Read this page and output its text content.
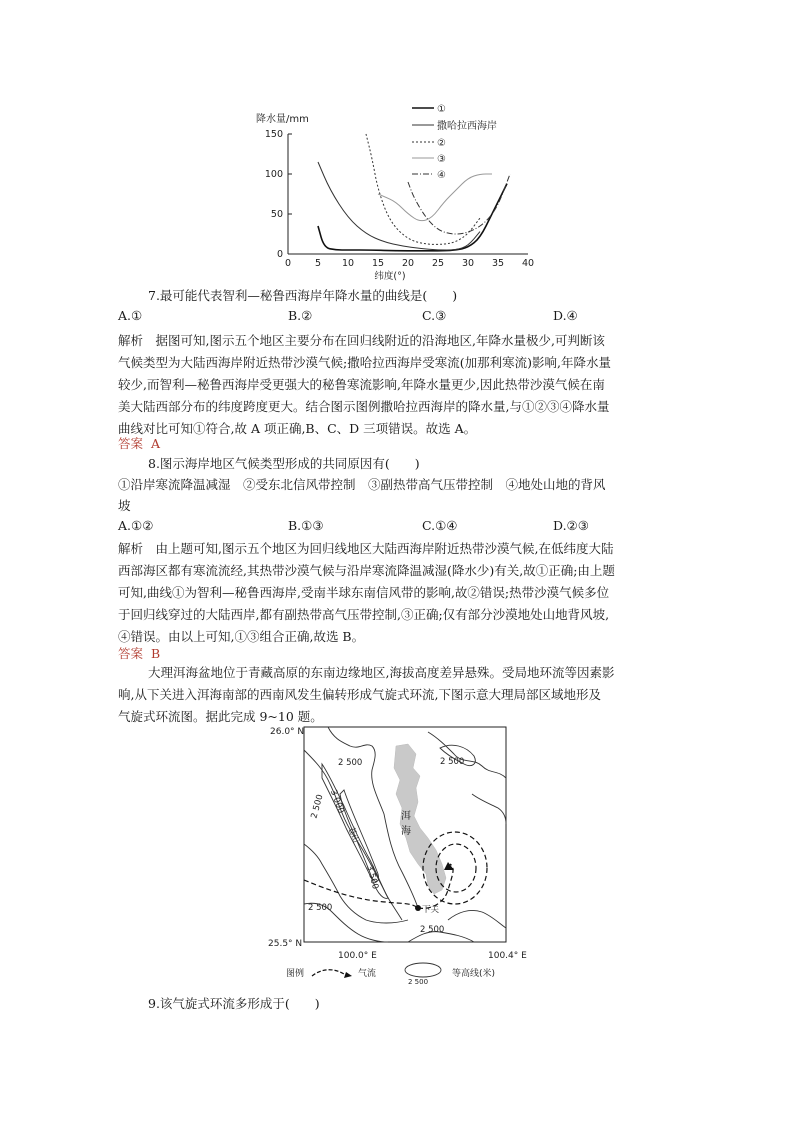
降水量/mm
0
50
100
150
0	5 10 15 20 25 30 35 40
纬度(°)
①
撒哈拉西海岸
②
③
④
7.最可能代表智利—秘鲁西海岸年降水量的曲线是(　　)
A.①	B.②	C.③	D.④
解析　据图可知,图示五个地区主要分布在回归线附近的沿海地区,年降水量极少,可判断该
气候类型为大陆西海岸附近热带沙漠气候;撒哈拉西海岸受寒流(加那利寒流)影响,年降水量
较少,而智利—秘鲁西海岸受更强大的秘鲁寒流影响,年降水量更少,因此热带沙漠气候在南
美大陆西部分布的纬度跨度更大。结合图示图例撒哈拉西海岸的降水量,与①②③④降水量
曲线对比可知①符合,故 A 项正确,B、C、D 三项错误。故选 A。
答案 A
8.图示海岸地区气候类型形成的共同原因有(　　)
①沿岸寒流降温减湿　②受东北信风带控制　③副热带高气压带控制　④地处山地的背风
坡
A.①②	B.①③	C.①④	D.②③
解析　由上题可知,图示五个地区为回归线地区大陆西海岸附近热带沙漠气候,在低纬度大陆
西部海区都有寒流流经,其热带沙漠气候与沿岸寒流降温减湿(降水少)有关,故①正确;由上题
可知,曲线①为智利—秘鲁西海岸,受南半球东南信风带的影响,故②错误;热带沙漠气候多位
于回归线穿过的大陆西岸,都有副热带高气压带控制,③正确;仅有部分沙漠地处山地背风坡,
④错误。由以上可知,①③组合正确,故选 B。
答案 B
大理洱海盆地位于青藏高原的东南边缘地区,海拔高度差异悬殊。受局地环流等因素影
响,从下关进入洱海南部的西南风发生偏转形成气旋式环流,下图示意大理局部区域地形及
气旋式环流图。据此完成 9~10 题。
26.0° N
25.5° N
100.0° E	100.4° E
洱
海
2 500	2 500
2 500 3 000
3 500
2 500
2 500
苍山
下关
图例	气流
2 500
等高线(米)
9.该气旋式环流多形成于(　　)
